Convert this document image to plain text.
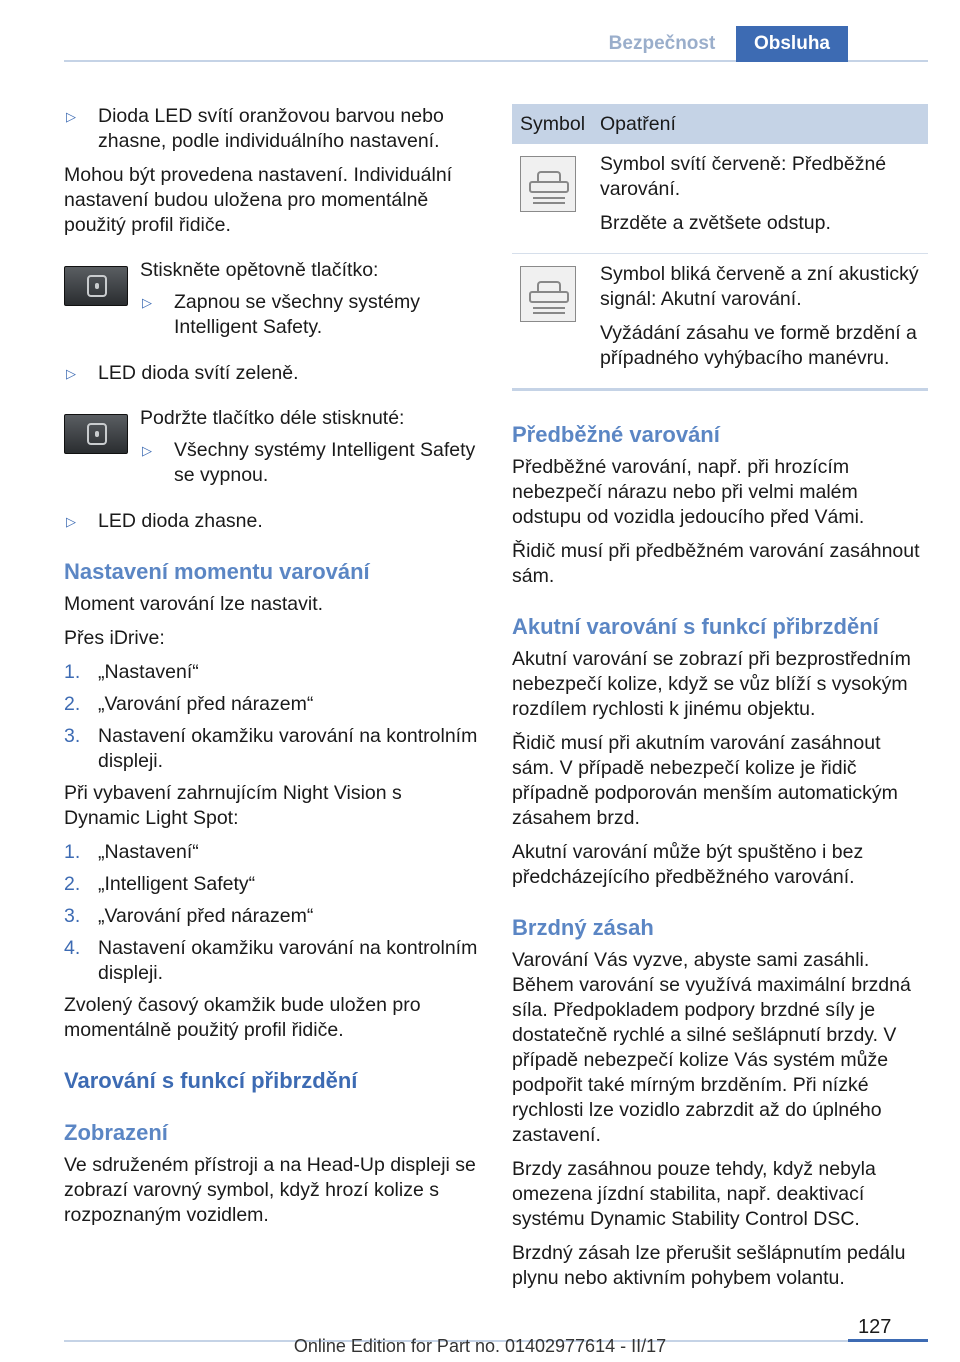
Bezpečnost	Obsluha
▷	Dioda LED svítí oranžovou barvou nebo zhasne, podle individuálního nastavení.

Mohou být provedena nastavení. Individuální nastavení budou uložena pro momentálně použitý profil řidiče.

Stiskněte opětovně tlačítko:
▷	Zapnou se všechny systémy Intelligent Safety.
▷	LED dioda svítí zeleně.
Podržte tlačítko déle stisknuté:
▷	Všechny systémy Intelligent Safety se vypnou.
▷	LED dioda zhasne.
Nastavení momentu varování

Moment varování lze nastavit.

Přes iDrive:

1. „Nastavení“
2. „Varování před nárazem“
3. Nastavení okamžiku varování na kontrolním displeji.

Při vybavení zahrnujícím Night Vision s Dynamic Light Spot:

1. „Nastavení“
2. „Intelligent Safety“
3. „Varování před nárazem“
4. Nastavení okamžiku varování na kontrolním displeji.

Zvolený časový okamžik bude uložen pro momentálně použitý profil řidiče.

Varování s funkcí přibrzdění
Zobrazení

Ve sdruženém přístroji a na Head-Up displeji se zobrazí varovný symbol, když hrozí kolize s rozpoznaným vozidlem.

Symbol Opatření

Symbol svítí červeně: Předběžné varování.

Brzděte a zvětšete odstup.

Symbol bliká červeně a zní akustický signál: Akutní varování.

Vyžádání zásahu ve formě brzdění a případného vyhýbacího manévru.

Předběžné varování

Předběžné varování, např. při hrozícím nebezpečí nárazu nebo při velmi malém odstupu od vozidla jedoucího před Vámi.

Řidič musí při předběžném varování zasáhnout sám.

Akutní varování s funkcí přibrzdění

Akutní varování se zobrazí při bezprostředním nebezpečí kolize, když se vůz blíží s vysokým rozdílem rychlosti k jinému objektu.

Řidič musí při akutním varování zasáhnout sám. V případě nebezpečí kolize je řidič případně podporován menším automatickým zásahem brzd.

Akutní varování může být spuštěno i bez předcházejícího předběžného varování.

Brzdný zásah

Varování Vás vyzve, abyste sami zasáhli. Během varování se využívá maximální brzdná síla. Předpokladem podpory brzdné síly je dostatečně rychlé a silné sešlápnutí brzdy. V případě nebezpečí kolize Vás systém může podpořit také mírným brzděním. Při nízké rychlosti lze vozidlo zabrzdit až do úplného zastavení.

Brzdy zasáhnou pouze tehdy, když nebyla omezena jízdní stabilita, např. deaktivací systému Dynamic Stability Control DSC.

Brzdný zásah lze přerušit sešlápnutím pedálu plynu nebo aktivním pohybem volantu.

127
Online Edition for Part no. 01402977614 - II/17
